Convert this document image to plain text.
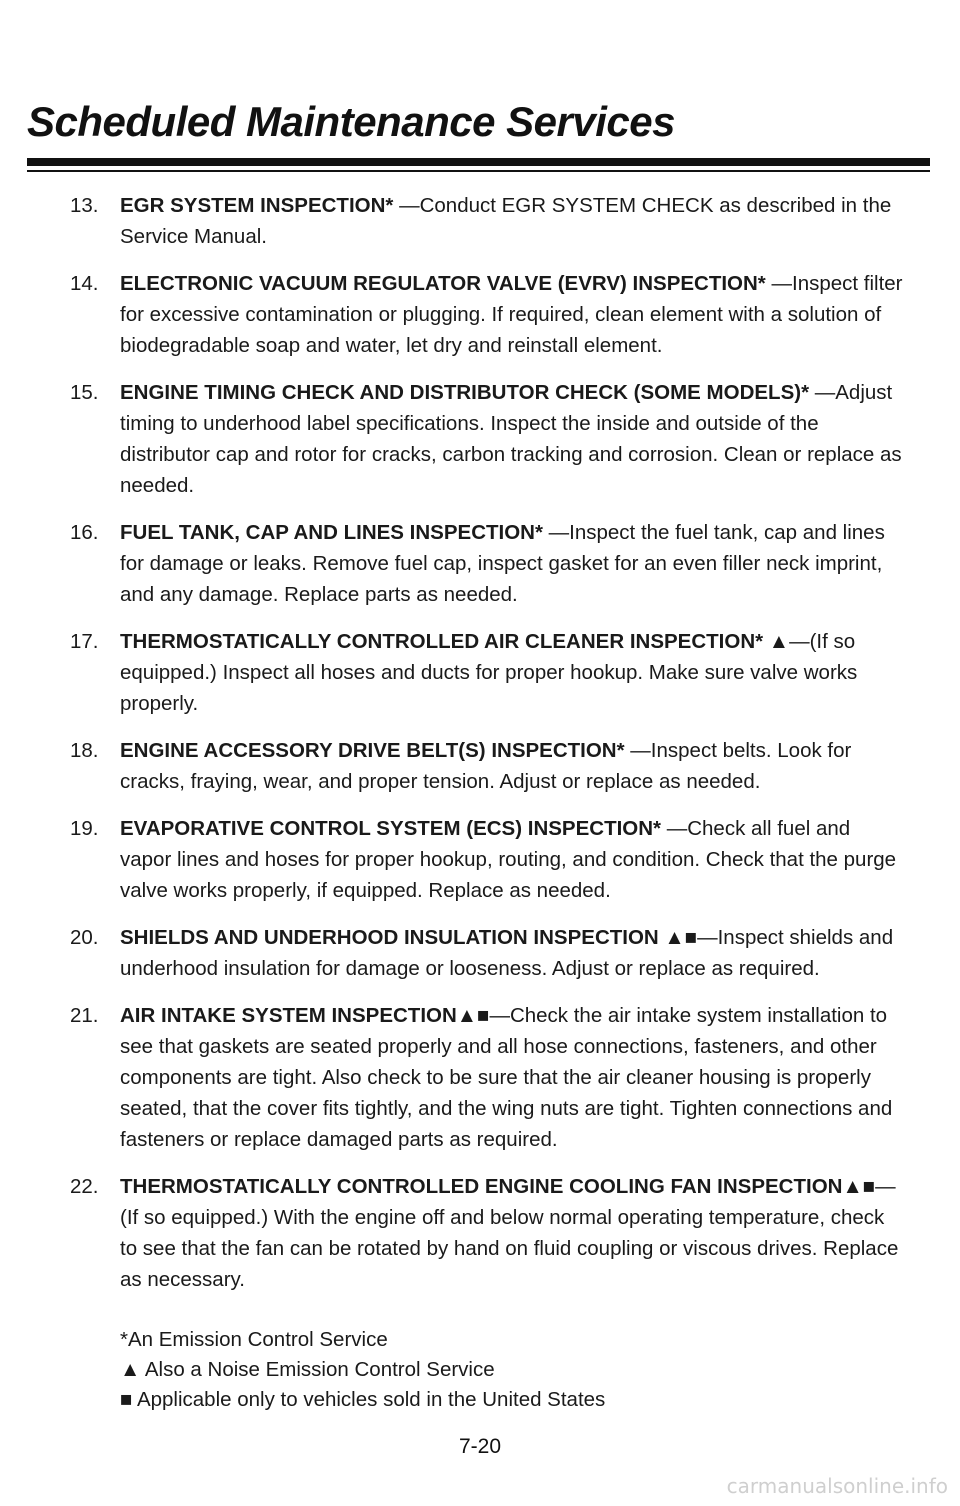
Scheduled Maintenance Services
13.	EGR SYSTEM INSPECTION* —Conduct EGR SYSTEM CHECK as described in the Service Manual.
14.	ELECTRONIC VACUUM REGULATOR VALVE (EVRV) INSPECTION* —Inspect filter for excessive contamination or plugging. If required, clean element with a solution of biodegradable soap and water, let dry and reinstall element.
15.	ENGINE TIMING CHECK AND DISTRIBUTOR CHECK (SOME MODELS)* —Adjust timing to underhood label specifications. Inspect the inside and outside of the distributor cap and rotor for cracks, carbon tracking and corrosion. Clean or replace as needed.
16.	FUEL TANK, CAP AND LINES INSPECTION* —Inspect the fuel tank, cap and lines for damage or leaks. Remove fuel cap, inspect gasket for an even filler neck imprint, and any damage. Replace parts as needed.
17.	THERMOSTATICALLY CONTROLLED AIR CLEANER INSPECTION* ▲—(If so equipped.) Inspect all hoses and ducts for proper hookup. Make sure valve works properly.
18.	ENGINE ACCESSORY DRIVE BELT(S) INSPECTION* —Inspect belts. Look for cracks, fraying, wear, and proper tension. Adjust or replace as needed.
19.	EVAPORATIVE CONTROL SYSTEM (ECS) INSPECTION* —Check all fuel and vapor lines and hoses for proper hookup, routing, and condition. Check that the purge valve works properly, if equipped. Replace as needed.
20.	SHIELDS AND UNDERHOOD INSULATION INSPECTION ▲■—Inspect shields and underhood insulation for damage or looseness. Adjust or replace as required.
21.	AIR INTAKE SYSTEM INSPECTION▲■—Check the air intake system installation to see that gaskets are seated properly and all hose connections, fasteners, and other components are tight. Also check to be sure that the air cleaner housing is properly seated, that the cover fits tightly, and the wing nuts are tight. Tighten connections and fasteners or replace damaged parts as required.
22.	THERMOSTATICALLY CONTROLLED ENGINE COOLING FAN INSPECTION▲■—(If so equipped.) With the engine off and below normal operating temperature, check to see that the fan can be rotated by hand on fluid coupling or viscous drives. Replace as necessary.
*An Emission Control Service
▲ Also a Noise Emission Control Service
■ Applicable only to vehicles sold in the United States
7-20
carmanualsonline.info
